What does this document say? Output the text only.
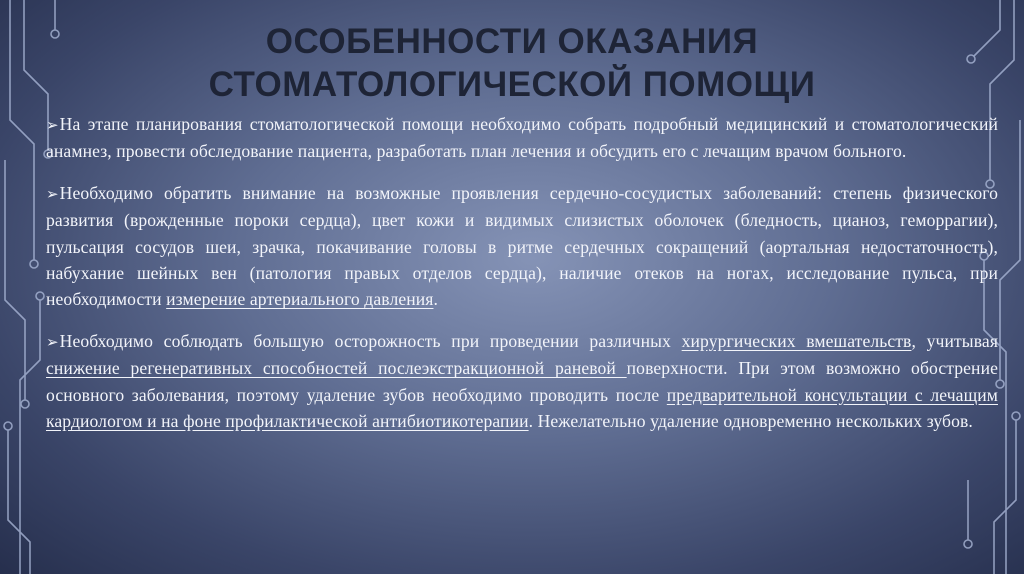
ОСОБЕННОСТИ ОКАЗАНИЯ
СТОМАТОЛОГИЧЕСКОЙ ПОМОЩИ

➢На этапе планирования стоматологической помощи необходимо собрать подробный медицинский и стоматологический анамнез, провести обследование пациента, разработать план лечения и обсудить его с лечащим врачом больного.

➢Необходимо обратить внимание на возможные проявления сердечно-сосудистых заболеваний: степень физического развития (врожденные пороки сердца), цвет кожи и видимых слизистых оболочек (бледность, цианоз, геморрагии), пульсация сосудов шеи, зрачка, покачивание головы в ритме сердечных сокращений (аортальная недостаточность), набухание шейных вен (патология правых отделов сердца), наличие отеков на ногах, исследование пульса, при необходимости измерение артериального давления.

➢Необходимо соблюдать большую осторожность при проведении различных хирургических вмешательств, учитывая снижение регенеративных способностей послеэкстракционной раневой поверхности. При этом возможно обострение основного заболевания, поэтому удаление зубов необходимо проводить после предварительной консультации с лечащим кардиологом и на фоне профилактической антибиотикотерапии. Нежелательно удаление одновременно нескольких зубов.
